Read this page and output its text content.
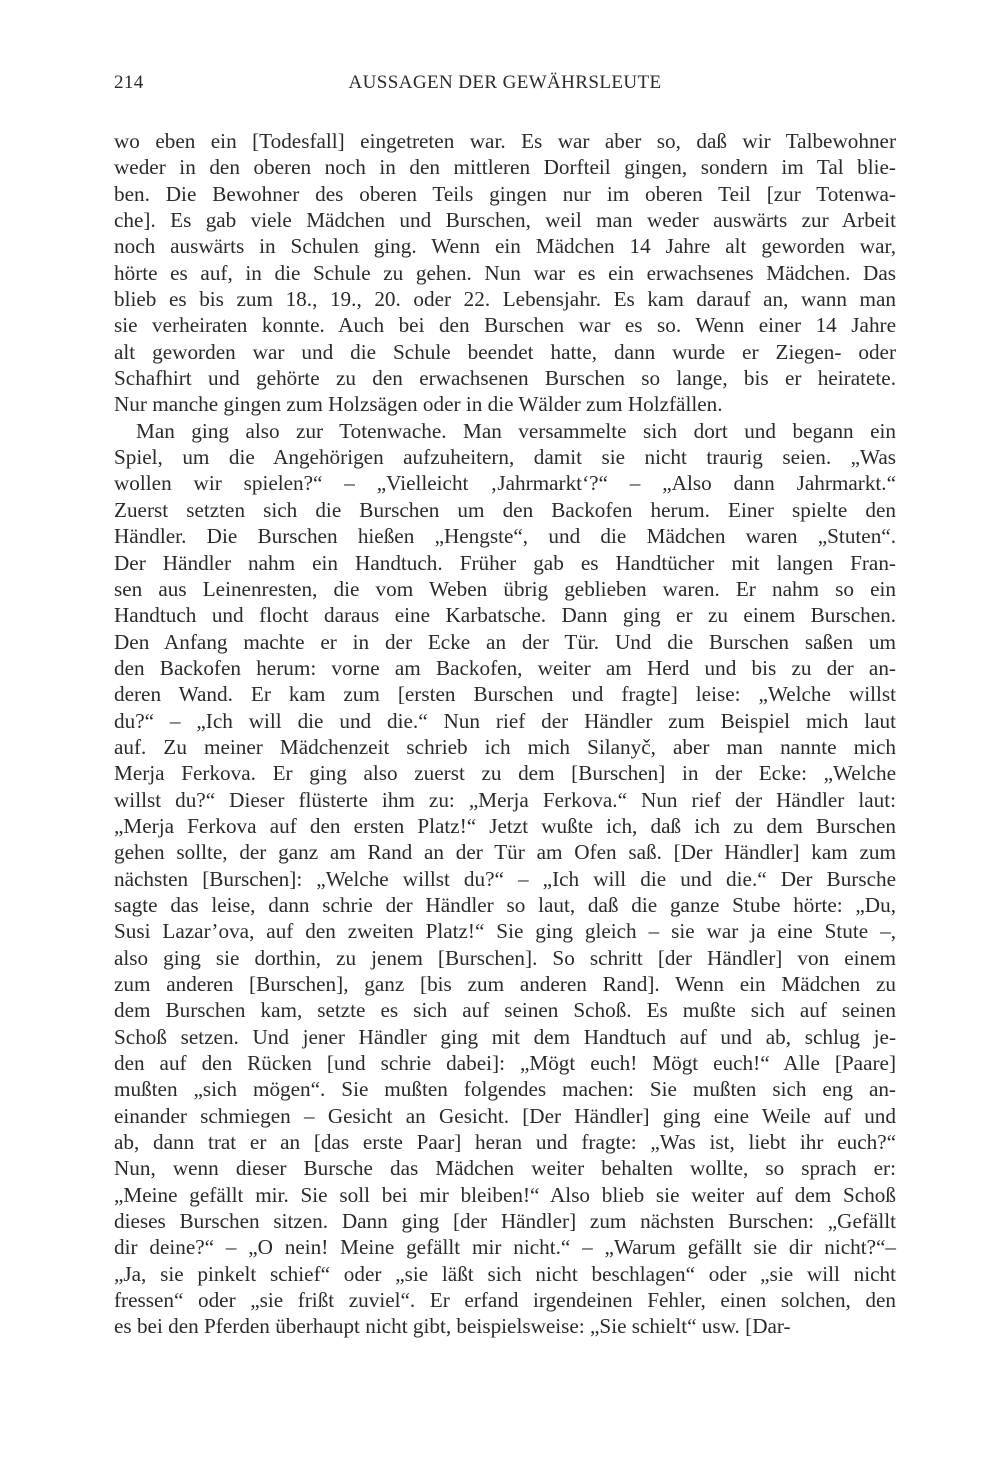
214	AUSSAGEN DER GEWÄHRSLEUTE
wo eben ein [Todesfall] eingetreten war. Es war aber so, daß wir Talbewohner
weder in den oberen noch in den mittleren Dorfteil gingen, sondern im Tal blie-
ben. Die Bewohner des oberen Teils gingen nur im oberen Teil [zur Totenwa-
che]. Es gab viele Mädchen und Burschen, weil man weder auswärts zur Arbeit
noch auswärts in Schulen ging. Wenn ein Mädchen 14 Jahre alt geworden war,
hörte es auf, in die Schule zu gehen. Nun war es ein erwachsenes Mädchen. Das
blieb es bis zum 18., 19., 20. oder 22. Lebensjahr. Es kam darauf an, wann man
sie verheiraten konnte. Auch bei den Burschen war es so. Wenn einer 14 Jahre
alt geworden war und die Schule beendet hatte, dann wurde er Ziegen- oder
Schafhirt und gehörte zu den erwachsenen Burschen so lange, bis er heiratete.
Nur manche gingen zum Holzsägen oder in die Wälder zum Holzfällen.
Man ging also zur Totenwache. Man versammelte sich dort und begann ein
Spiel, um die Angehörigen aufzuheitern, damit sie nicht traurig seien. „Was
wollen wir spielen?“ – „Vielleicht ‚Jahrmarkt‘?“ – „Also dann Jahrmarkt.“
Zuerst setzten sich die Burschen um den Backofen herum. Einer spielte den
Händler. Die Burschen hießen „Hengste“, und die Mädchen waren „Stuten“.
Der Händler nahm ein Handtuch. Früher gab es Handtücher mit langen Fran-
sen aus Leinenresten, die vom Weben übrig geblieben waren. Er nahm so ein
Handtuch und flocht daraus eine Karbatsche. Dann ging er zu einem Burschen.
Den Anfang machte er in der Ecke an der Tür. Und die Burschen saßen um
den Backofen herum: vorne am Backofen, weiter am Herd und bis zu der an-
deren Wand. Er kam zum [ersten Burschen und fragte] leise: „Welche willst
du?“ – „Ich will die und die.“ Nun rief der Händler zum Beispiel mich laut
auf. Zu meiner Mädchenzeit schrieb ich mich Silanyč, aber man nannte mich
Merja Ferkova. Er ging also zuerst zu dem [Burschen] in der Ecke: „Welche
willst du?“ Dieser flüsterte ihm zu: „Merja Ferkova.“ Nun rief der Händler laut:
„Merja Ferkova auf den ersten Platz!“ Jetzt wußte ich, daß ich zu dem Burschen
gehen sollte, der ganz am Rand an der Tür am Ofen saß. [Der Händler] kam zum
nächsten [Burschen]: „Welche willst du?“ – „Ich will die und die.“ Der Bursche
sagte das leise, dann schrie der Händler so laut, daß die ganze Stube hörte: „Du,
Susi Lazar’ova, auf den zweiten Platz!“ Sie ging gleich – sie war ja eine Stute –,
also ging sie dorthin, zu jenem [Burschen]. So schritt [der Händler] von einem
zum anderen [Burschen], ganz [bis zum anderen Rand]. Wenn ein Mädchen zu
dem Burschen kam, setzte es sich auf seinen Schoß. Es mußte sich auf seinen
Schoß setzen. Und jener Händler ging mit dem Handtuch auf und ab, schlug je-
den auf den Rücken [und schrie dabei]: „Mögt euch! Mögt euch!“ Alle [Paare]
mußten „sich mögen“. Sie mußten folgendes machen: Sie mußten sich eng an-
einander schmiegen – Gesicht an Gesicht. [Der Händler] ging eine Weile auf und
ab, dann trat er an [das erste Paar] heran und fragte: „Was ist, liebt ihr euch?“
Nun, wenn dieser Bursche das Mädchen weiter behalten wollte, so sprach er:
„Meine gefällt mir. Sie soll bei mir bleiben!“ Also blieb sie weiter auf dem Schoß
dieses Burschen sitzen. Dann ging [der Händler] zum nächsten Burschen: „Gefällt
dir deine?“ – „O nein! Meine gefällt mir nicht.“ – „Warum gefällt sie dir nicht?“–
„Ja, sie pinkelt schief“ oder „sie läßt sich nicht beschlagen“ oder „sie will nicht
fressen“ oder „sie frißt zuviel“. Er erfand irgendeinen Fehler, einen solchen, den
es bei den Pferden überhaupt nicht gibt, beispielsweise: „Sie schielt“ usw. [Dar-
